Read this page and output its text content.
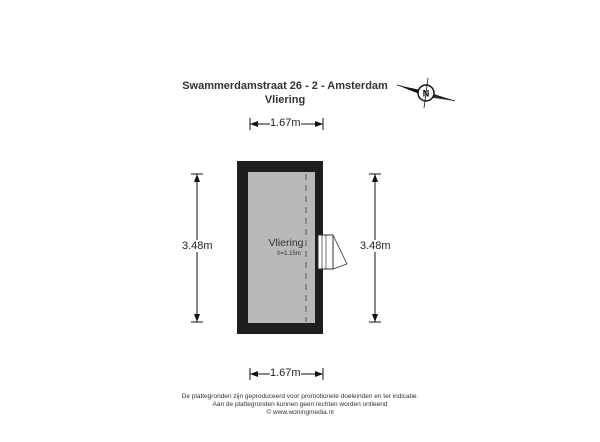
Swammerdamstraat 26 - 2 - Amsterdam
Vliering
N
Vliering
h=1.15m
1.67m
1.67m
3.48m	3.48m
De plattegronden zijn geproduceerd voor promotionele doeleinden en ter indicatie.
Aan de plattegronden kunnen geen rechten worden ontleend
© www.woningmedia.nl
